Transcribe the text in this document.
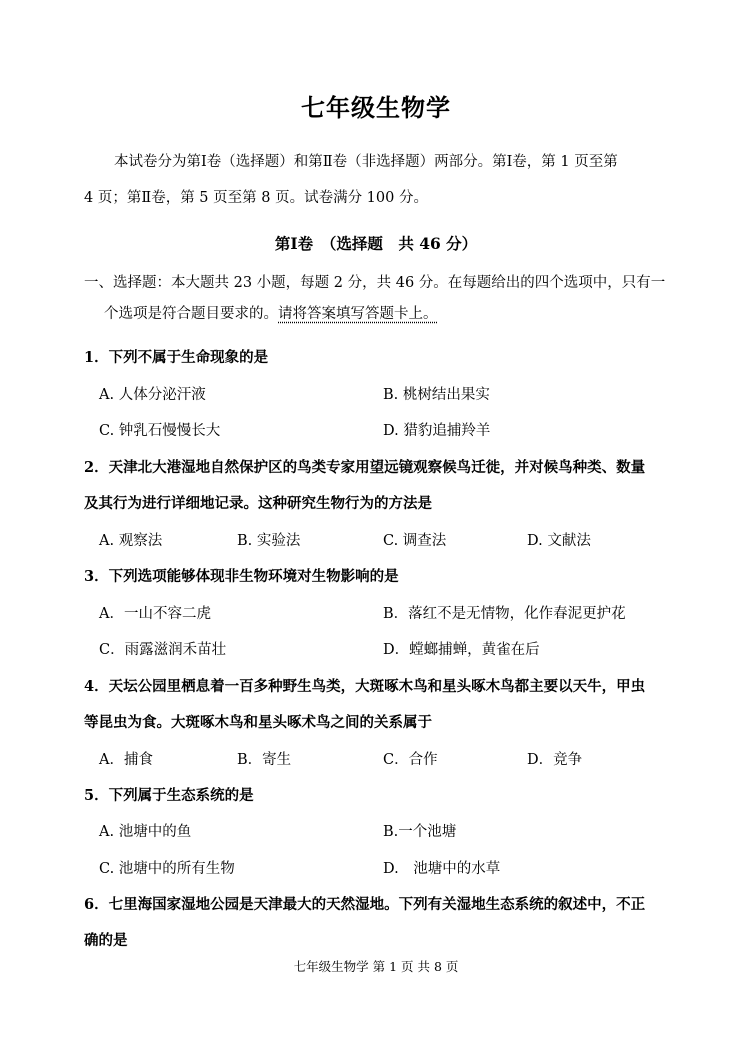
七年级生物学
本试卷分为第Ⅰ卷（选择题）和第Ⅱ卷（非选择题）两部分。第Ⅰ卷，第 1 页至第
4 页；第Ⅱ卷，第 5 页至第 8 页。试卷满分 100 分。
第Ⅰ卷　（选择题　共 46 分）
一、选择题：本大题共 23 小题，每题 2 分，共 46 分。在每题给出的四个选项中，只有一
个选项是符合题目要求的。请将答案填写答题卡上。
1．下列不属于生命现象的是
A. 人体分泌汗液	B. 桃树结出果实
C. 钟乳石慢慢长大	D. 猎豹追捕羚羊
2．天津北大港湿地自然保护区的鸟类专家用望远镜观察候鸟迁徙，并对候鸟种类、数量
及其行为进行详细地记录。这种研究生物行为的方法是
A. 观察法	B. 实验法	C. 调查法	D. 文献法
3．下列选项能够体现非生物环境对生物影响的是
A．一山不容二虎	B．落红不是无情物，化作春泥更护花
C．雨露滋润禾苗壮	D．螳螂捕蝉，黄雀在后
4．天坛公园里栖息着一百多种野生鸟类，大斑啄木鸟和星头啄木鸟都主要以天牛，甲虫
等昆虫为食。大斑啄木鸟和星头啄术鸟之间的关系属于
A．捕食	B．寄生	C．合作	D．竞争
5．下列属于生态系统的是
A. 池塘中的鱼	B.一个池塘
C. 池塘中的所有生物	D.　池塘中的水草
6．七里海国家湿地公园是天津最大的天然湿地。下列有关湿地生态系统的叙述中，不正
确的是
七年级生物学 第 1 页 共 8 页
